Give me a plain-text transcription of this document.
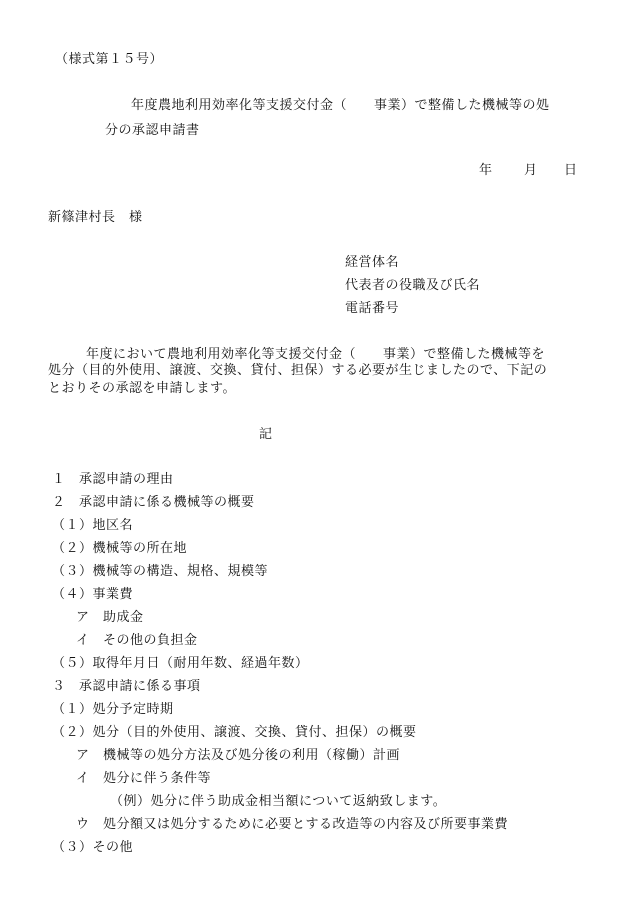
（様式第１５号）
年度農地利用効率化等支援交付金（　　事業）で整備した機械等の処
分の承認申請書
年 月 日
新篠津村長　様
経営体名
代表者の役職及び氏名
電話番号
年度において農地利用効率化等支援交付金（　　事業）で整備した機械等を
処分（目的外使用、譲渡、交換、貸付、担保）する必要が生じましたので、下記の
とおりその承認を申請します。
記
１　承認申請の理由
２　承認申請に係る機械等の概要
（１）地区名
（２）機械等の所在地
（３）機械等の構造、規格、規模等
（４）事業費
ア　助成金
イ　その他の負担金
（５）取得年月日（耐用年数、経過年数）
３　承認申請に係る事項
（１）処分予定時期
（２）処分（目的外使用、譲渡、交換、貸付、担保）の概要
ア　機械等の処分方法及び処分後の利用（稼働）計画
イ　処分に伴う条件等
（例）処分に伴う助成金相当額について返納致します。
ウ　処分額又は処分するために必要とする改造等の内容及び所要事業費
（３）その他
